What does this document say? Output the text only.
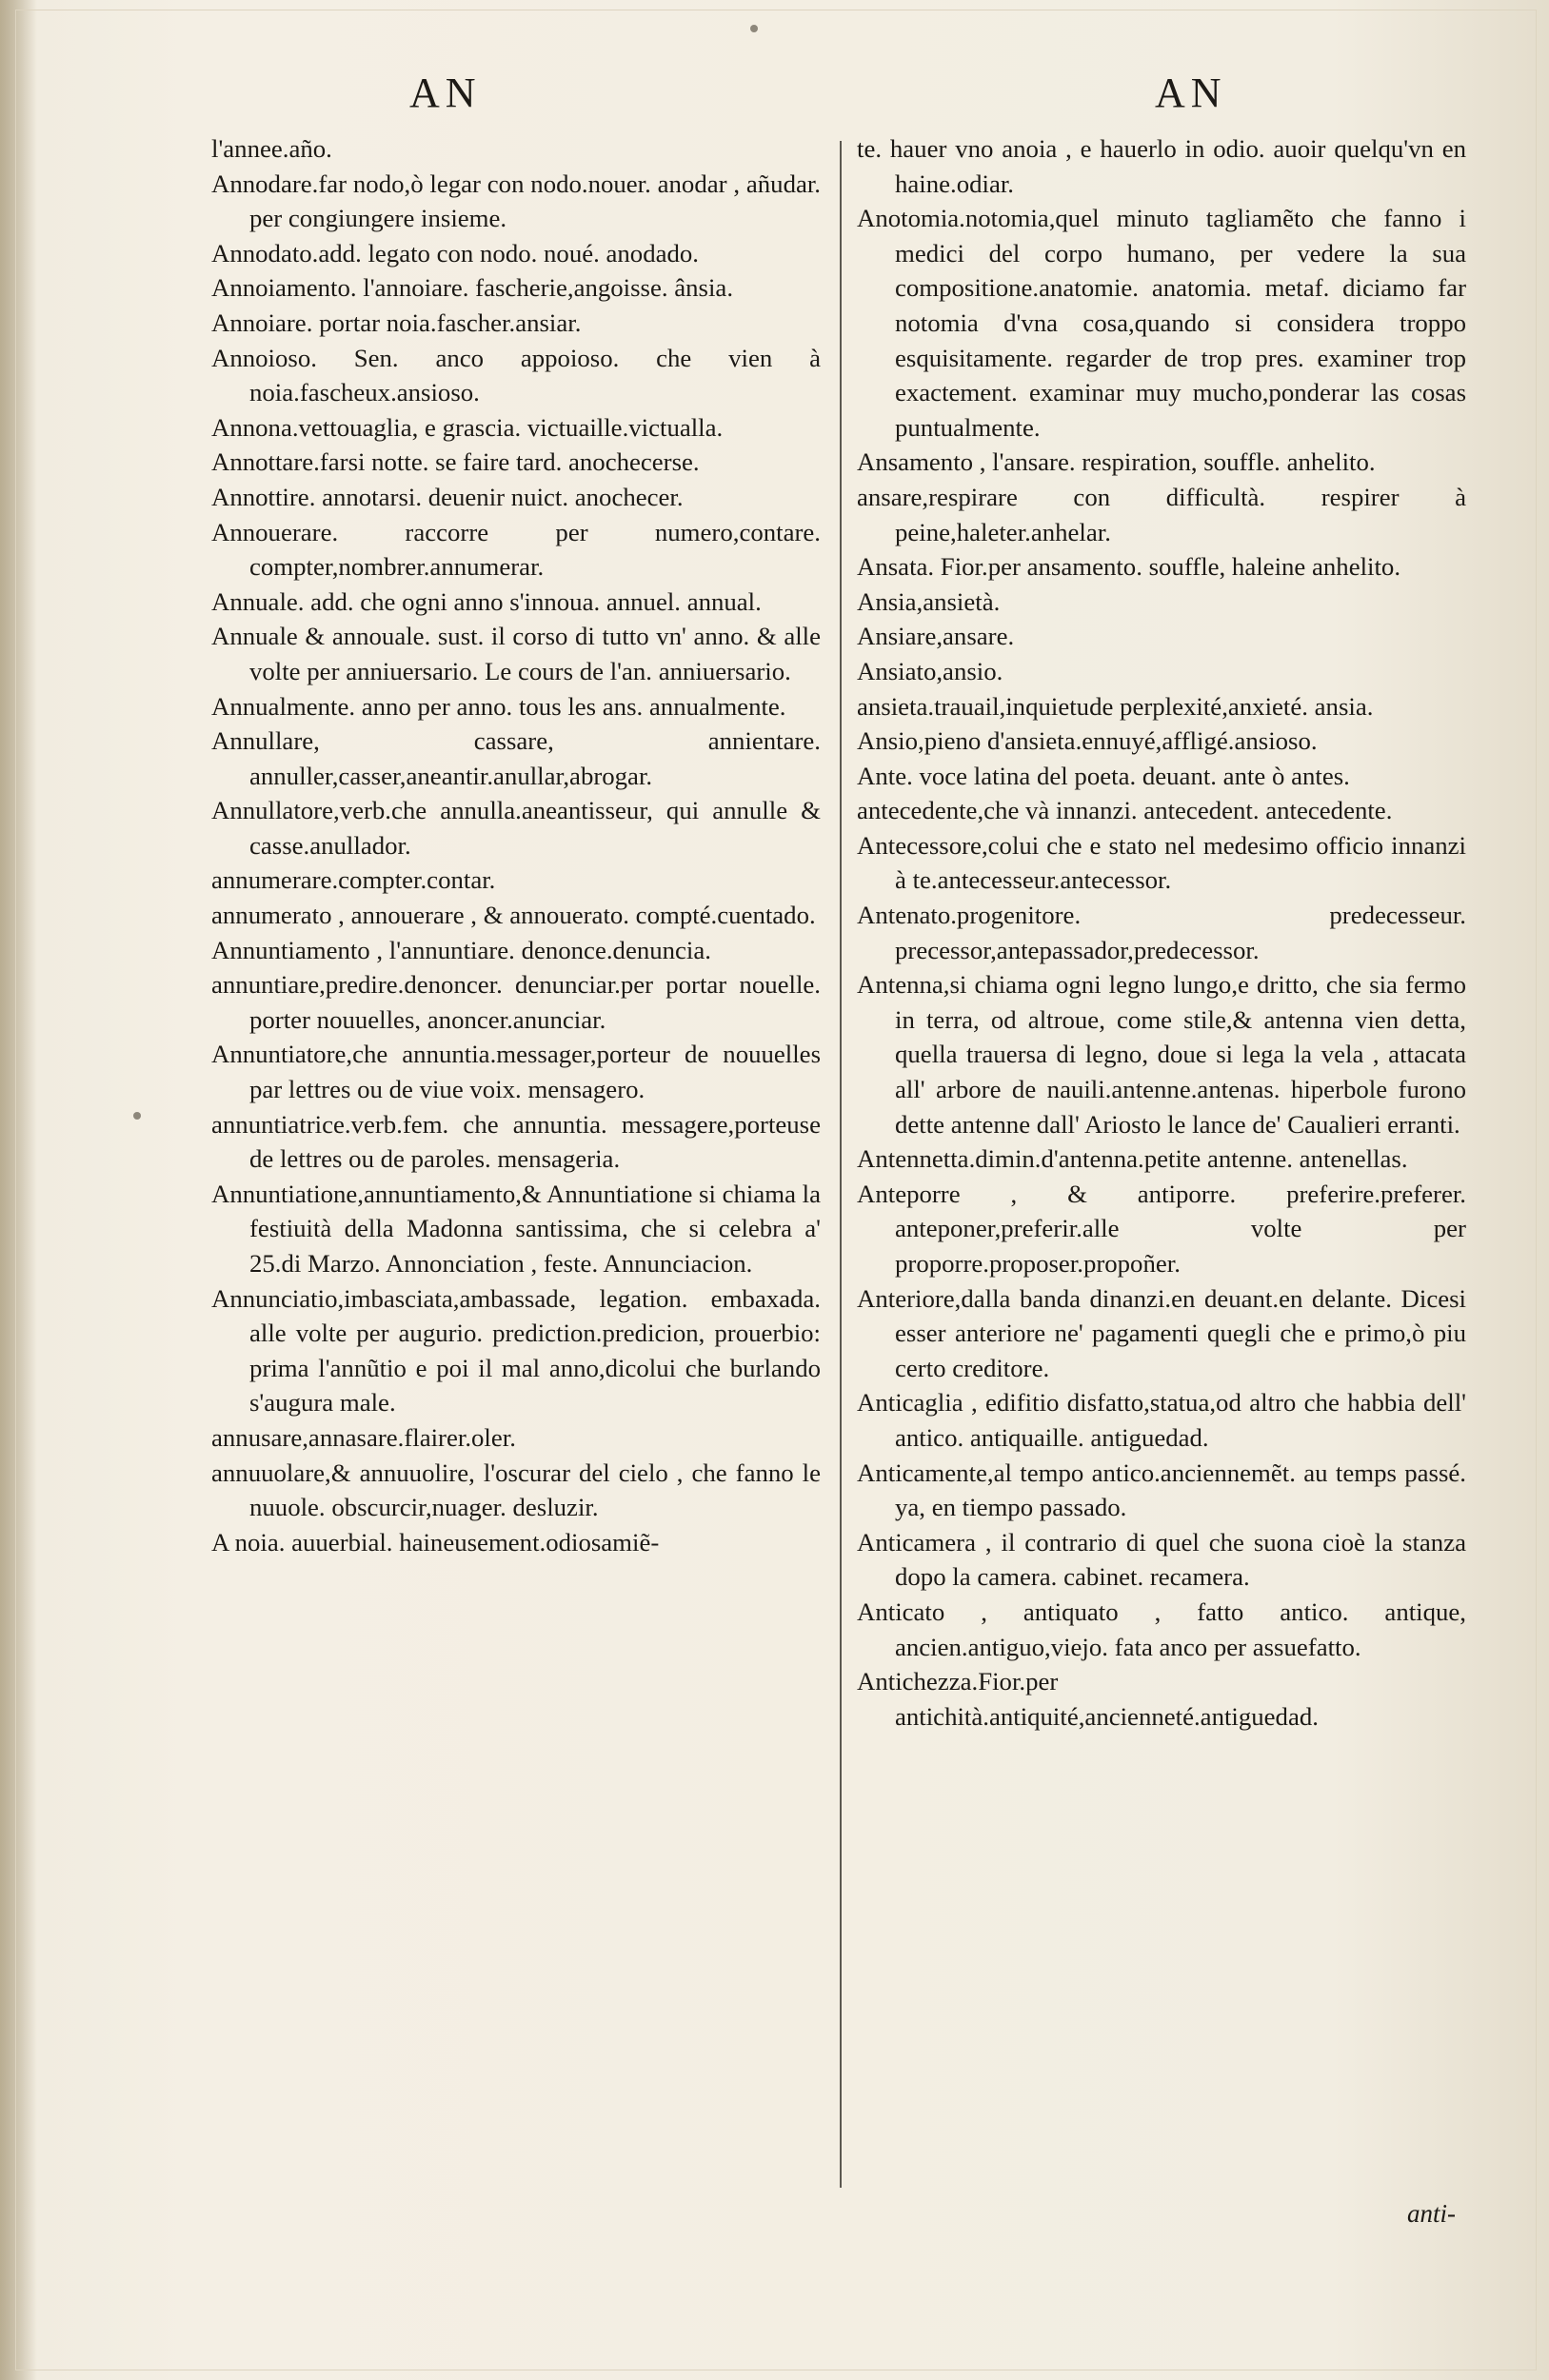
AN	AN

l'annee.año.

Annodare.far nodo,ò legar con nodo.nouer. anodar , añudar. per congiungere insieme.

Annodato.add. legato con nodo. noué. anodado.

Annoiamento. l'annoiare. fascherie,angoisse. ânsia.

Annoiare. portar noia.fascher.ansiar.

Annoioso. Sen. anco appoioso. che vien à noia.fascheux.ansioso.

Annona.vettouaglia, e grascia. victuaille.victualla.

Annottare.farsi notte. se faire tard. anochecerse.

Annottire. annotarsi. deuenir nuict. anochecer.

Annouerare. raccorre per numero,contare. compter,nombrer.annumerar.

Annuale. add. che ogni anno s'innoua. annuel. annual.

Annuale & annouale. sust. il corso di tutto vn' anno. & alle volte per anniuersario. Le cours de l'an. anniuersario.

Annualmente. anno per anno. tous les ans. annualmente.

Annullare, cassare, annientare. annuller,casser,aneantir.anullar,abrogar.

Annullatore,verb.che annulla.aneantisseur, qui annulle & casse.anullador.

annumerare.compter.contar.

annumerato , annouerare , & annouerato. compté.cuentado.

Annuntiamento , l'annuntiare. denonce.denuncia.

annuntiare,predire.denoncer. denunciar.per portar nouelle. porter nouuelles, anoncer.anunciar.

Annuntiatore,che annuntia.messager,porteur de nouuelles par lettres ou de viue voix. mensagero.

annuntiatrice.verb.fem. che annuntia. messagere,porteuse de lettres ou de paroles. mensageria.

Annuntiatione,annuntiamento,& Annuntiatione si chiama la festiuità della Madonna santissima, che si celebra a' 25.di Marzo. Annonciation , feste. Annunciacion.

Annunciatio,imbasciata,ambassade, legation. embaxada. alle volte per augurio. prediction.predicion, prouerbio: prima l'annũtio e poi il mal anno,dicolui che burlando s'augura male.

annusare,annasare.flairer.oler.

annuuolare,& annuuolire, l'oscurar del cielo , che fanno le nuuole. obscurcir,nuager. desluzir.

A noia. auuerbial. haineusement.odiosamiẽ-

te. hauer vno anoia , e hauerlo in odio. auoir quelqu'vn en haine.odiar.

Anotomia.notomia,quel minuto tagliamẽto che fanno i medici del corpo humano, per vedere la sua compositione.anatomie. anatomia. metaf. diciamo far notomia d'vna cosa,quando si considera troppo esquisitamente. regarder de trop pres. examiner trop exactement. examinar muy mucho,ponderar las cosas puntualmente.

Ansamento , l'ansare. respiration, souffle. anhelito.

ansare,respirare con difficultà. respirer à peine,haleter.anhelar.

Ansata. Fior.per ansamento. souffle, haleine anhelito.

Ansia,ansietà.

Ansiare,ansare.

Ansiato,ansio.

ansieta.trauail,inquietude perplexité,anxieté. ansia.

Ansio,pieno d'ansieta.ennuyé,affligé.ansioso.

Ante. voce latina del poeta. deuant. ante ò antes.

antecedente,che và innanzi. antecedent. antecedente.

Antecessore,colui che e stato nel medesimo officio innanzi à te.antecesseur.antecessor.

Antenato.progenitore. predecesseur. precessor,antepassador,predecessor.

Antenna,si chiama ogni legno lungo,e dritto, che sia fermo in terra, od altroue, come stile,& antenna vien detta, quella trauersa di legno, doue si lega la vela , attacata all' arbore de nauili.antenne.antenas. hiperbole furono dette antenne dall' Ariosto le lance de' Caualieri erranti.

Antennetta.dimin.d'antenna.petite antenne. antenellas.

Anteporre , & antiporre. preferire.preferer. anteponer,preferir.alle volte per proporre.proposer.propoñer.

Anteriore,dalla banda dinanzi.en deuant.en delante. Dicesi esser anteriore ne' pagamenti quegli che e primo,ò piu certo creditore.

Anticaglia , edifitio disfatto,statua,od altro che habbia dell' antico. antiquaille. antiguedad.

Anticamente,al tempo antico.anciennemẽt. au temps passé. ya, en tiempo passado.

Anticamera , il contrario di quel che suona cioè la stanza dopo la camera. cabinet. recamera.

Anticato , antiquato , fatto antico. antique, ancien.antiguo,viejo. fata anco per assuefatto.

Antichezza.Fior.per antichità.antiquité,ancienneté.antiguedad.

anti-
